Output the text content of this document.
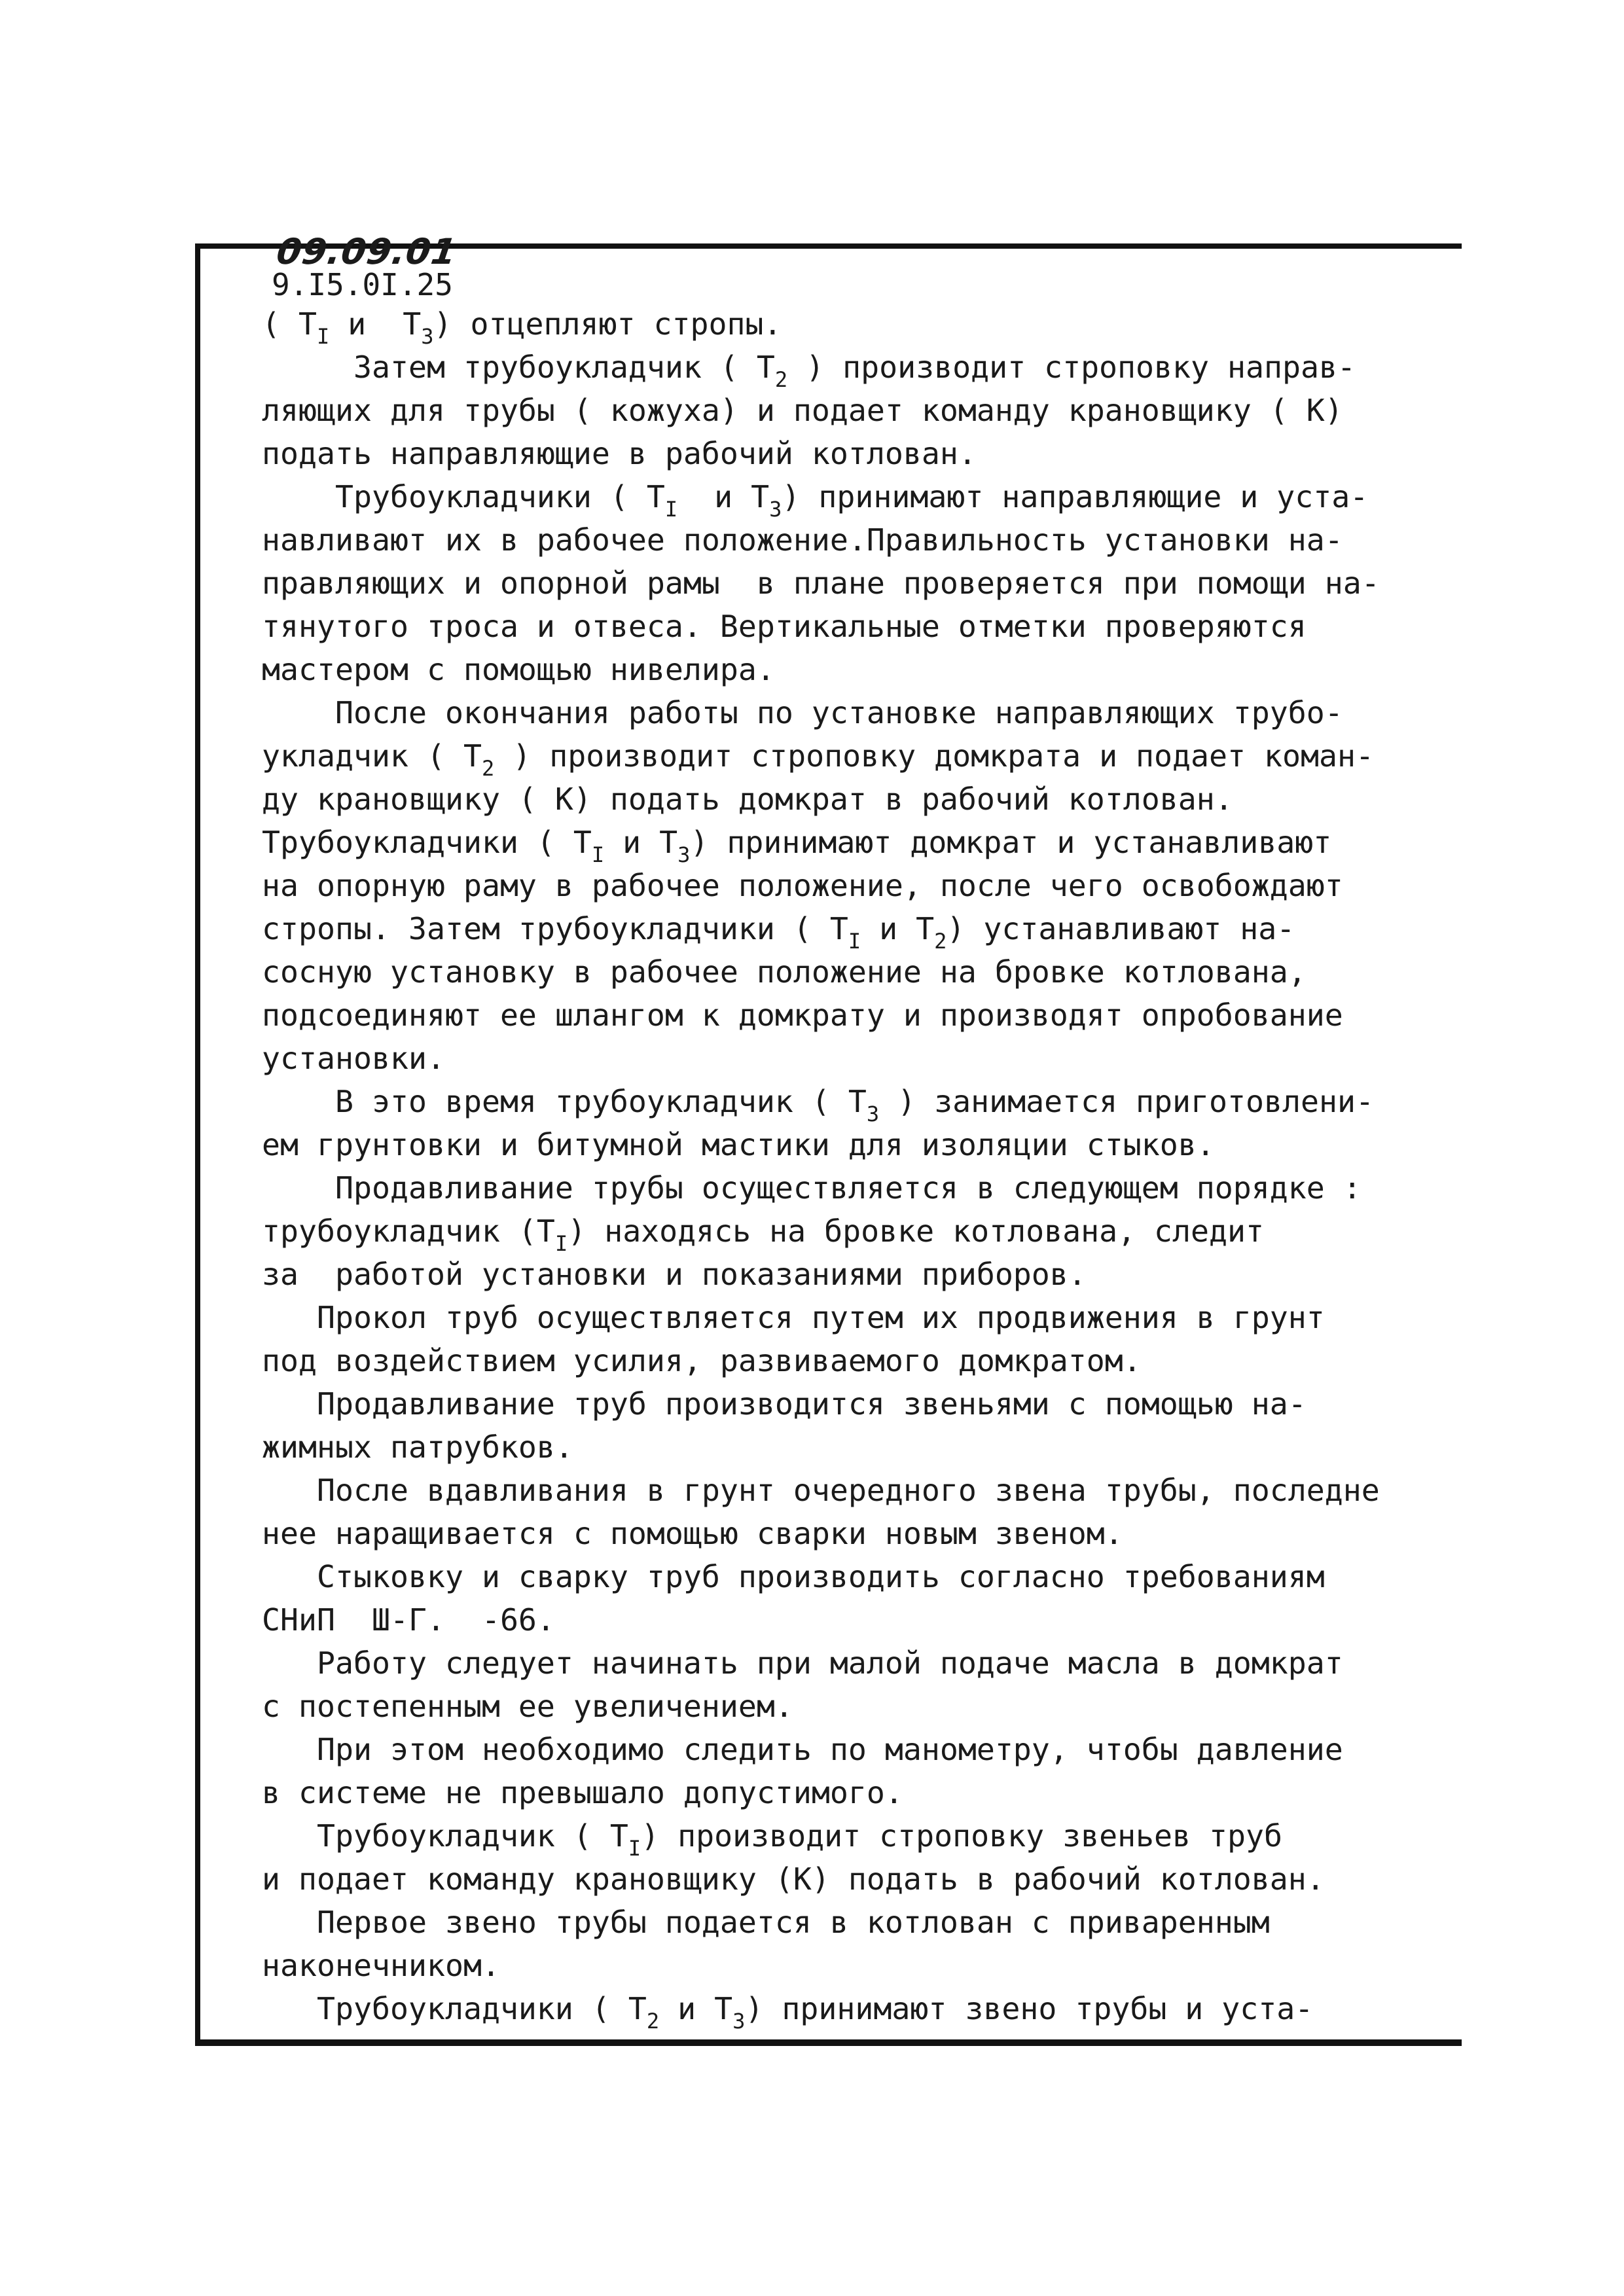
09.09.01
9.I5.0I.25
( $T_I$ и  $T_3$) отцепляют стропы.
Затем трубоукладчик ( $T_2$ ) производит строповку направ-
ляющих для трубы ( кожуха) и подает команду крановщику ( К)
подать направляющие в рабочий котлован.
Трубоукладчики ( $T_I$  и $T_3$) принимают направляющие и уста-
навливают их в рабочее положение.Правильность установки на-
правляющих и опорной рамы  в плане проверяется при помощи на-
тянутого троса и отвеса. Вертикальные отметки проверяются
мастером с помощью нивелира.
После окончания работы по установке направляющих трубо-
укладчик ( $T_2$ ) производит строповку домкрата и подает коман-
ду крановщику ( К) подать домкрат в рабочий котлован.
Трубоукладчики ( $T_I$ и $T_3$) принимают домкрат и устанавливают
на опорную раму в рабочее положение, после чего освобождают
стропы. Затем трубоукладчики ( $T_I$ и $T_2$) устанавливают на-
сосную установку в рабочее положение на бровке котлована,
подсоединяют ее шлангом к домкрату и производят опробование
установки.
В это время трубоукладчик ( $T_3$ ) занимается приготовлени-
ем грунтовки и битумной мастики для изоляции стыков.
Продавливание трубы осуществляется в следующем порядке :
трубоукладчик $(T_I)$ находясь на бровке котлована, следит
за  работой установки и показаниями приборов.
Прокол труб осуществляется путем их продвижения в грунт
под воздействием усилия, развиваемого домкратом.
Продавливание труб производится звеньями с помощью на-
жимных патрубков.
После вдавливания в грунт очередного звена трубы, последне
нее наращивается с помощью сварки новым звеном.
Стыковку и сварку труб производить согласно требованиям
СНиП  Ш-Г.  -66.
Работу следует начинать при малой подаче масла в домкрат
с постепенным ее увеличением.
При этом необходимо следить по манометру, чтобы давление
в системе не превышало допустимого.
Трубоукладчик ( $T_I$) производит строповку звеньев труб
и подает команду крановщику (К) подать в рабочий котлован.
Первое звено трубы подается в котлован с приваренным
наконечником.
Трубоукладчики ( $T_2$ и $T_3$) принимают звено трубы и уста-
